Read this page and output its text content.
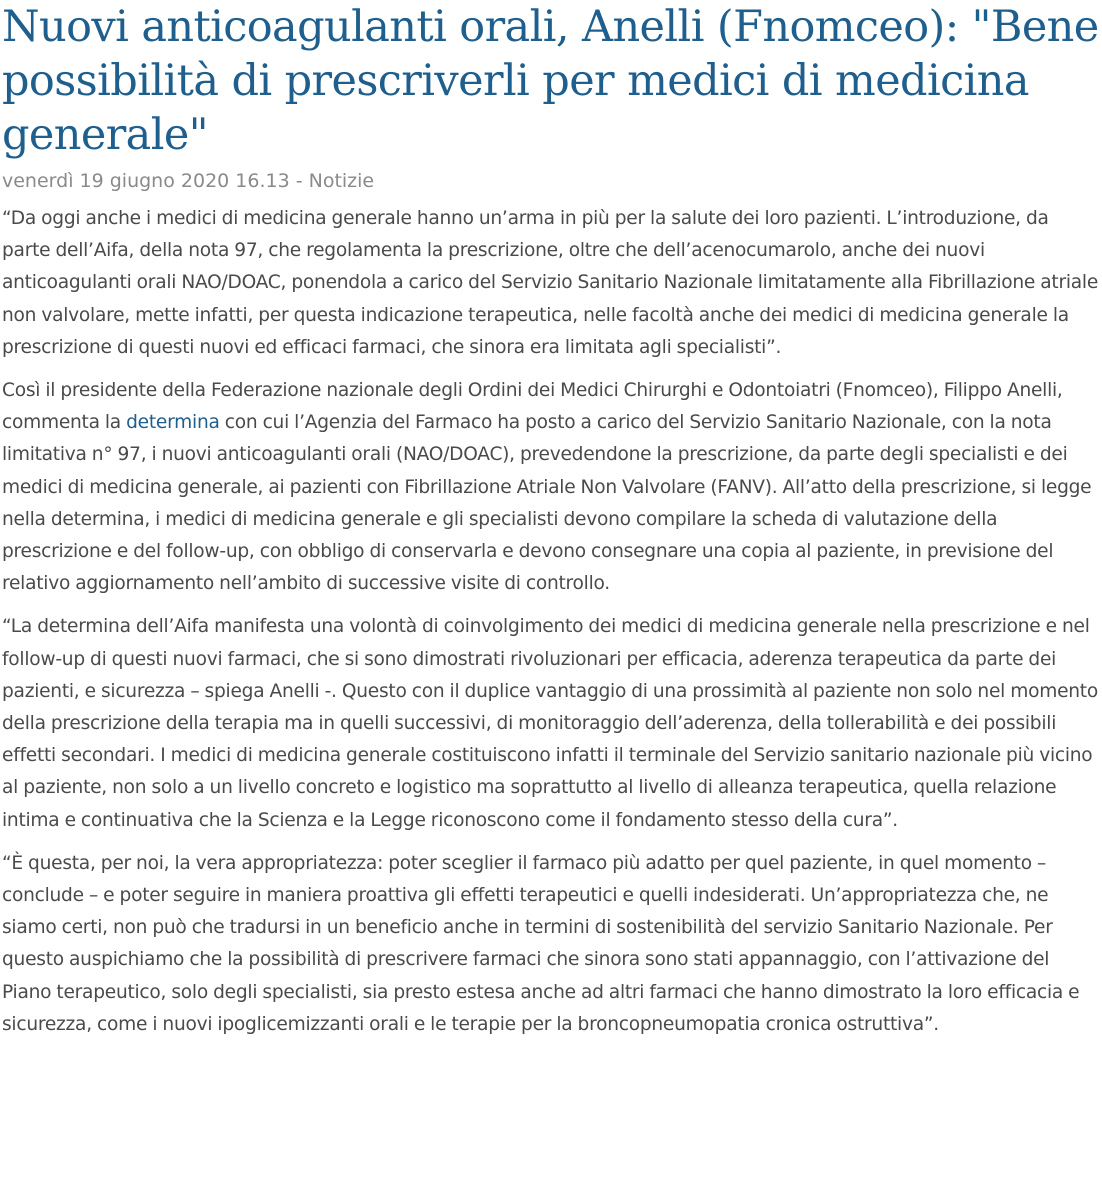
Nuovi anticoagulanti orali, Anelli (Fnomceo): "Bene possibilità di prescriverli per medici di medicina generale"
venerdì 19 giugno 2020 16.13 - Notizie

“Da oggi anche i medici di medicina generale hanno un’arma in più per la salute dei loro pazienti. L’introduzione, da parte dell’Aifa, della nota 97, che regolamenta la prescrizione, oltre che dell’acenocumarolo, anche dei nuovi anticoagulanti orali NAO/DOAC, ponendola a carico del Servizio Sanitario Nazionale limitatamente alla Fibrillazione atriale non valvolare, mette infatti, per questa indicazione terapeutica, nelle facoltà anche dei medici di medicina generale la prescrizione di questi nuovi ed efficaci farmaci, che sinora era limitata agli specialisti”.

Così il presidente della Federazione nazionale degli Ordini dei Medici Chirurghi e Odontoiatri (Fnomceo), Filippo Anelli, commenta la determina con cui l’Agenzia del Farmaco ha posto a carico del Servizio Sanitario Nazionale, con la nota limitativa n° 97, i nuovi anticoagulanti orali (NAO/DOAC), prevedendone la prescrizione, da parte degli specialisti e dei medici di medicina generale, ai pazienti con Fibrillazione Atriale Non Valvolare (FANV). All’atto della prescrizione, si legge nella determina, i medici di medicina generale e gli specialisti devono compilare la scheda di valutazione della prescrizione e del follow-up, con obbligo di conservarla e devono consegnare una copia al paziente, in previsione del relativo aggiornamento nell’ambito di successive visite di controllo.

“La determina dell’Aifa manifesta una volontà di coinvolgimento dei medici di medicina generale nella prescrizione e nel follow-up di questi nuovi farmaci, che si sono dimostrati rivoluzionari per efficacia, aderenza terapeutica da parte dei pazienti, e sicurezza – spiega Anelli -. Questo con il duplice vantaggio di una prossimità al paziente non solo nel momento della prescrizione della terapia ma in quelli successivi, di monitoraggio dell’aderenza, della tollerabilità e dei possibili effetti secondari. I medici di medicina generale costituiscono infatti il terminale del Servizio sanitario nazionale più vicino al paziente, non solo a un livello concreto e logistico ma soprattutto al livello di alleanza terapeutica, quella relazione intima e continuativa che la Scienza e la Legge riconoscono come il fondamento stesso della cura”.

“È questa, per noi, la vera appropriatezza: poter sceglier il farmaco più adatto per quel paziente, in quel momento – conclude – e poter seguire in maniera proattiva gli effetti terapeutici e quelli indesiderati. Un’appropriatezza che, ne siamo certi, non può che tradursi in un beneficio anche in termini di sostenibilità del servizio Sanitario Nazionale. Per questo auspichiamo che la possibilità di prescrivere farmaci che sinora sono stati appannaggio, con l’attivazione del Piano terapeutico, solo degli specialisti, sia presto estesa anche ad altri farmaci che hanno dimostrato la loro efficacia e sicurezza, come i nuovi ipoglicemizzanti orali e le terapie per la broncopneumopatia cronica ostruttiva”.
